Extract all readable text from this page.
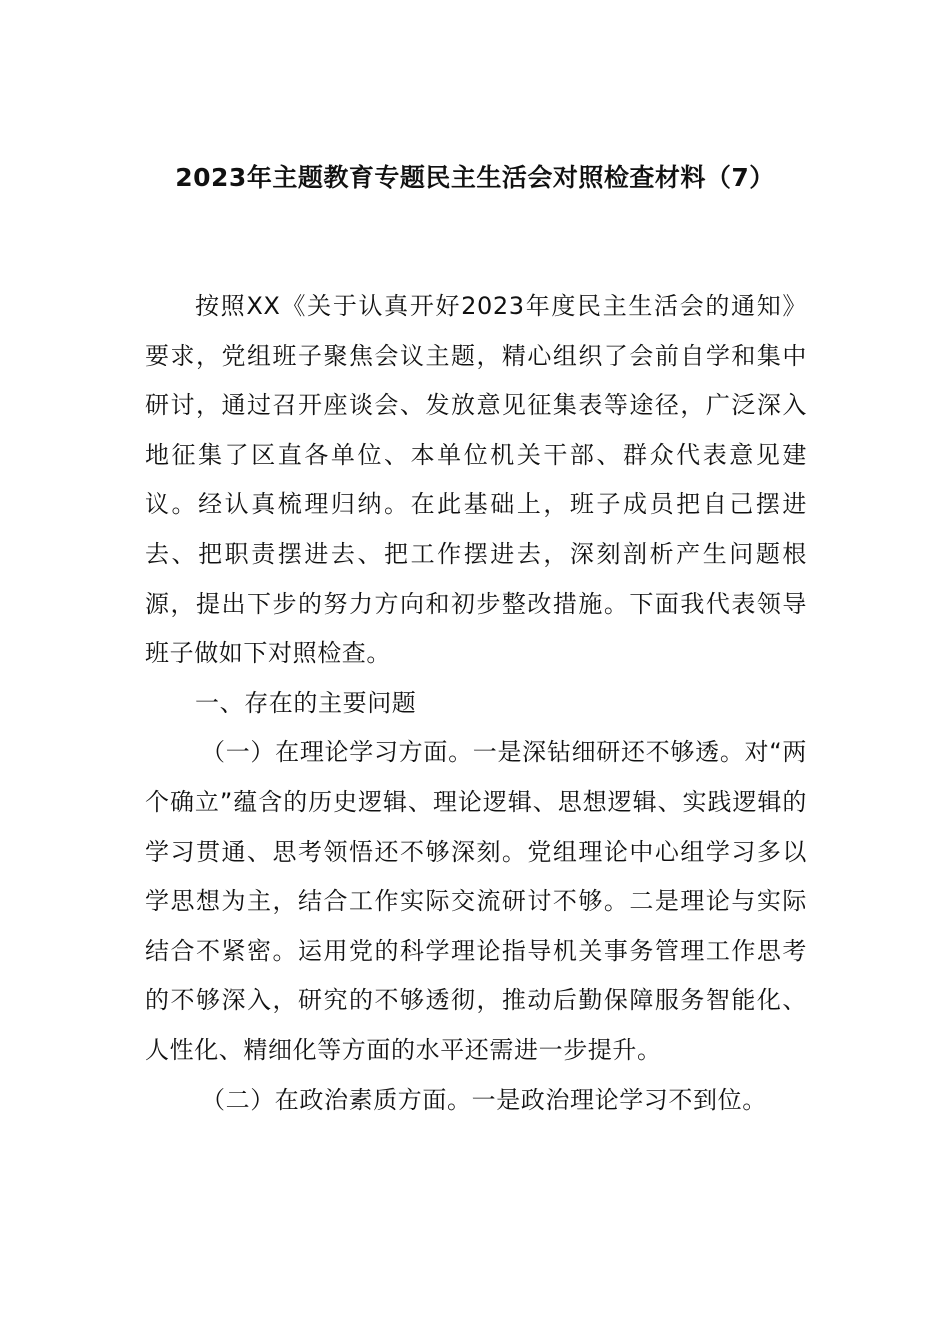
2023年主题教育专题民主生活会对照检查材料（7）

按照XX《关于认真开好2023年度民主生活会的通知》要求，党组班子聚焦会议主题，精心组织了会前自学和集中研讨，通过召开座谈会、发放意见征集表等途径，广泛深入地征集了区直各单位、本单位机关干部、群众代表意见建议。经认真梳理归纳。在此基础上，班子成员把自己摆进去、把职责摆进去、把工作摆进去，深刻剖析产生问题根源，提出下步的努力方向和初步整改措施。下面我代表领导班子做如下对照检查。

一、存在的主要问题

（一）在理论学习方面。一是深钻细研还不够透。对“两个确立”蕴含的历史逻辑、理论逻辑、思想逻辑、实践逻辑的学习贯通、思考领悟还不够深刻。党组理论中心组学习多以学思想为主，结合工作实际交流研讨不够。二是理论与实际结合不紧密。运用党的科学理论指导机关事务管理工作思考的不够深入，研究的不够透彻，推动后勤保障服务智能化、人性化、精细化等方面的水平还需进一步提升。

（二）在政治素质方面。一是政治理论学习不到位。
